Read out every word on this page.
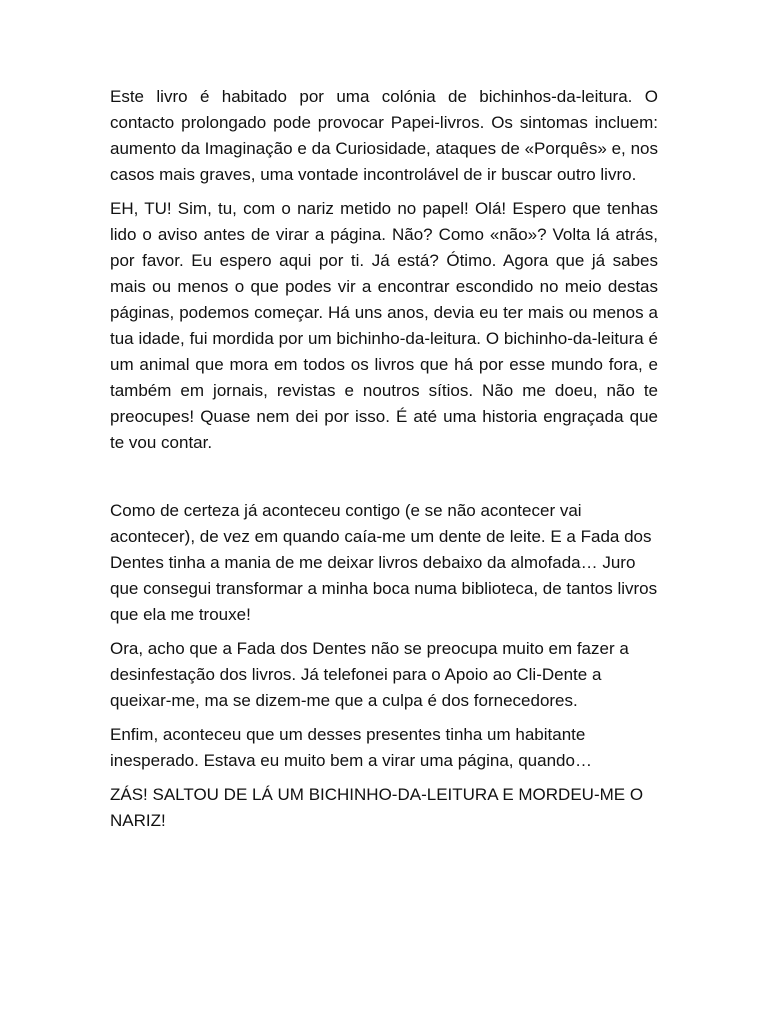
Este livro é habitado por uma colónia de bichinhos-da-leitura. O contacto prolongado pode provocar Papei-livros. Os sintomas incluem: aumento da Imaginação e da Curiosidade, ataques de «Porquês» e, nos casos mais graves, uma vontade incontrolável de ir buscar outro livro.

EH, TU! Sim, tu, com o nariz metido no papel! Olá! Espero que tenhas lido o aviso antes de virar a página. Não? Como «não»? Volta lá atrás, por favor. Eu espero aqui por ti. Já está? Ótimo. Agora que já sabes mais ou menos o que podes vir a encontrar escondido no meio destas páginas, podemos começar. Há uns anos, devia eu ter mais ou menos a tua idade, fui mordida por um bichinho-da-leitura. O bichinho-da-leitura é um animal que mora em todos os livros que há por esse mundo fora, e também em jornais, revistas e noutros sítios. Não me doeu, não te preocupes! Quase nem dei por isso. É até uma historia engraçada que te vou contar.

Como de certeza já aconteceu contigo (e se não acontecer vai acontecer), de vez em quando caía-me um dente de leite. E a Fada dos Dentes tinha a mania de me deixar livros debaixo da almofada… Juro que consegui transformar a minha boca numa biblioteca, de tantos livros que ela me trouxe!

Ora, acho que a Fada dos Dentes não se preocupa muito em fazer a desinfestação dos livros. Já telefonei para o Apoio ao Cli-Dente a queixar-me, ma se dizem-me que a culpa é dos fornecedores.

Enfim, aconteceu que um desses presentes tinha um habitante inesperado. Estava eu muito bem a virar uma página, quando…

ZÁS! SALTOU DE LÁ UM BICHINHO-DA-LEITURA E MORDEU-ME O NARIZ!
